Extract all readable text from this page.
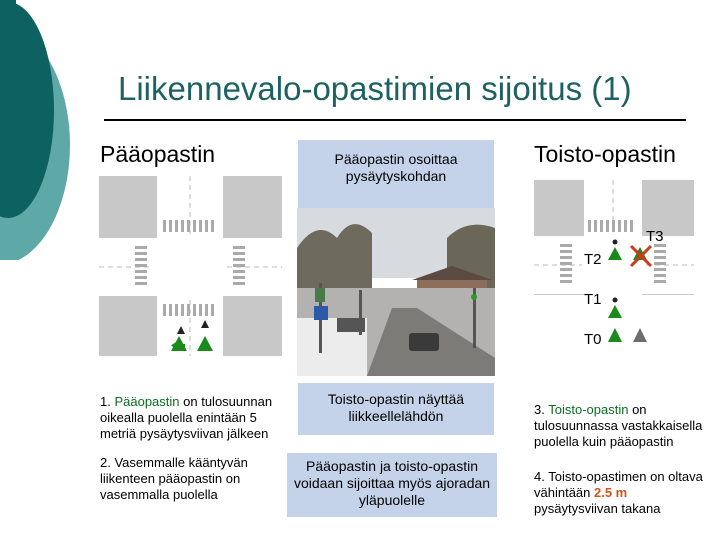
Liikennevalo-opastimien sijoitus (1)
Pääopastin	Toisto-opastin
Pääopastin osoittaa pysäytyskohdan
Toisto-opastin näyttää liikkeellelähdön
Pääopastin ja toisto-opastin voidaan sijoittaa myös ajoradan yläpuolelle
T2
T3
T1
T0
1. Pääopastin on tulosuunnan oikealla puolella enintään 5 metriä pysäytysviivan jälkeen
2. Vasemmalle kääntyvän liikenteen pääopastin on vasemmalla puolella
3. Toisto-opastin on tulosuunnassa vastakkaisella puolella kuin pääopastin
4. Toisto-opastimen on oltava vähintään 2.5 m pysäytysviivan takana
